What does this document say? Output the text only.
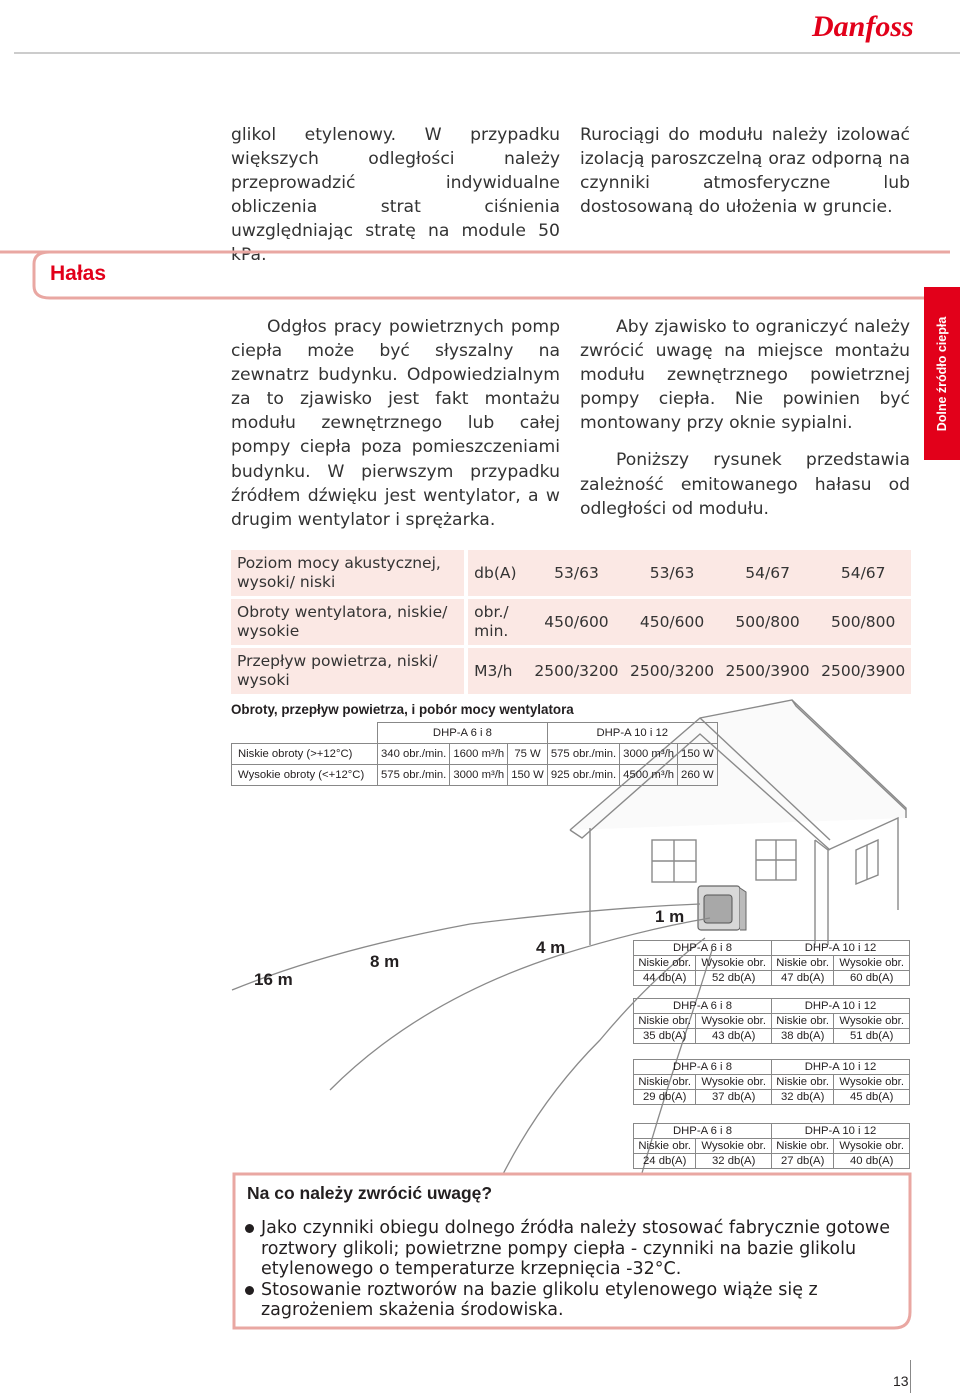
Danfoss

glikol etylenowy. W przypadku większych odległości należy przeprowadzić indywidualne obliczenia strat ciśnienia uwzględniając stratę na module 50 kPa.

Rurociągi do modułu należy izolować izolacją paroszczelną oraz odporną na czynniki atmosferyczne lub dostosowaną do ułożenia w gruncie.

Hałas
Dolne źródło ciepła

Odgłos pracy powietrznych pomp ciepła może być słyszalny na zewnatrz budynku. Odpowiedzialnym za to zjawisko jest fakt montażu modułu zewnętrznego lub całej pompy ciepła poza pomieszczeniami budynku. W pierwszym przypadku źródłem dźwięku jest wentylator, a w drugim wentylator i sprężarka.

Aby zjawisko to ograniczyć należy zwrócić uwagę na miejsce montażu modułu zewnętrznego powietrznej pompy ciepła. Nie powinien być montowany przy oknie sypialni.

Poniższy rysunek przedstawia zależność emitowanego hałasu od odległości od modułu.

Poziom mocy akustycznej, wysoki/ niski		db(A)	53/63	53/63	54/67	54/67
Obroty wentylatora, niskie/ wysokie		obr./ min.	450/600	450/600	500/800	500/800
Przepływ powietrza, niski/ wysoki		M3/h	2500/3200	2500/3200	2500/3900	2500/3900
Obroty, przepływ powietrza, i pobór mocy wentylatora
	DHP-A 6 i 8			DHP-A 10 i 12		
Niskie obroty (>+12°C)	340 obr./min.	1600 m³/h	75 W	575 obr./min.	3000 m³/h	150 W
Wysokie obroty (<+12°C)	575 obr./min.	3000 m³/h	150 W	925 obr./min.	4500 m³/h	260 W
1 m
4 m
8 m
16 m
DHP-A 6 i 8		DHP-A 10 i 12	
Niskie obr.	Wysokie obr.	Niskie obr.	Wysokie obr.
44 db(A)	52 db(A)	47 db(A)	60 db(A)
DHP-A 6 i 8		DHP-A 10 i 12	
Niskie obr.	Wysokie obr.	Niskie obr.	Wysokie obr.
35 db(A)	43 db(A)	38 db(A)	51 db(A)
DHP-A 6 i 8		DHP-A 10 i 12	
Niskie obr.	Wysokie obr.	Niskie obr.	Wysokie obr.
29 db(A)	37 db(A)	32 db(A)	45 db(A)
DHP-A 6 i 8		DHP-A 10 i 12	
Niskie obr.	Wysokie obr.	Niskie obr.	Wysokie obr.
24 db(A)	32 db(A)	27 db(A)	40 db(A)
Na co należy zwrócić uwagę?
Jako czynniki obiegu dolnego źródła należy stosować fabrycznie gotowe roztwory glikoli; powietrzne pompy ciepła - czynniki na bazie glikolu etylenowego o temperaturze krzepnięcia -32°C.
Stosowanie roztworów na bazie glikolu etylenowego wiąże się z zagrożeniem skażenia środowiska.
13
